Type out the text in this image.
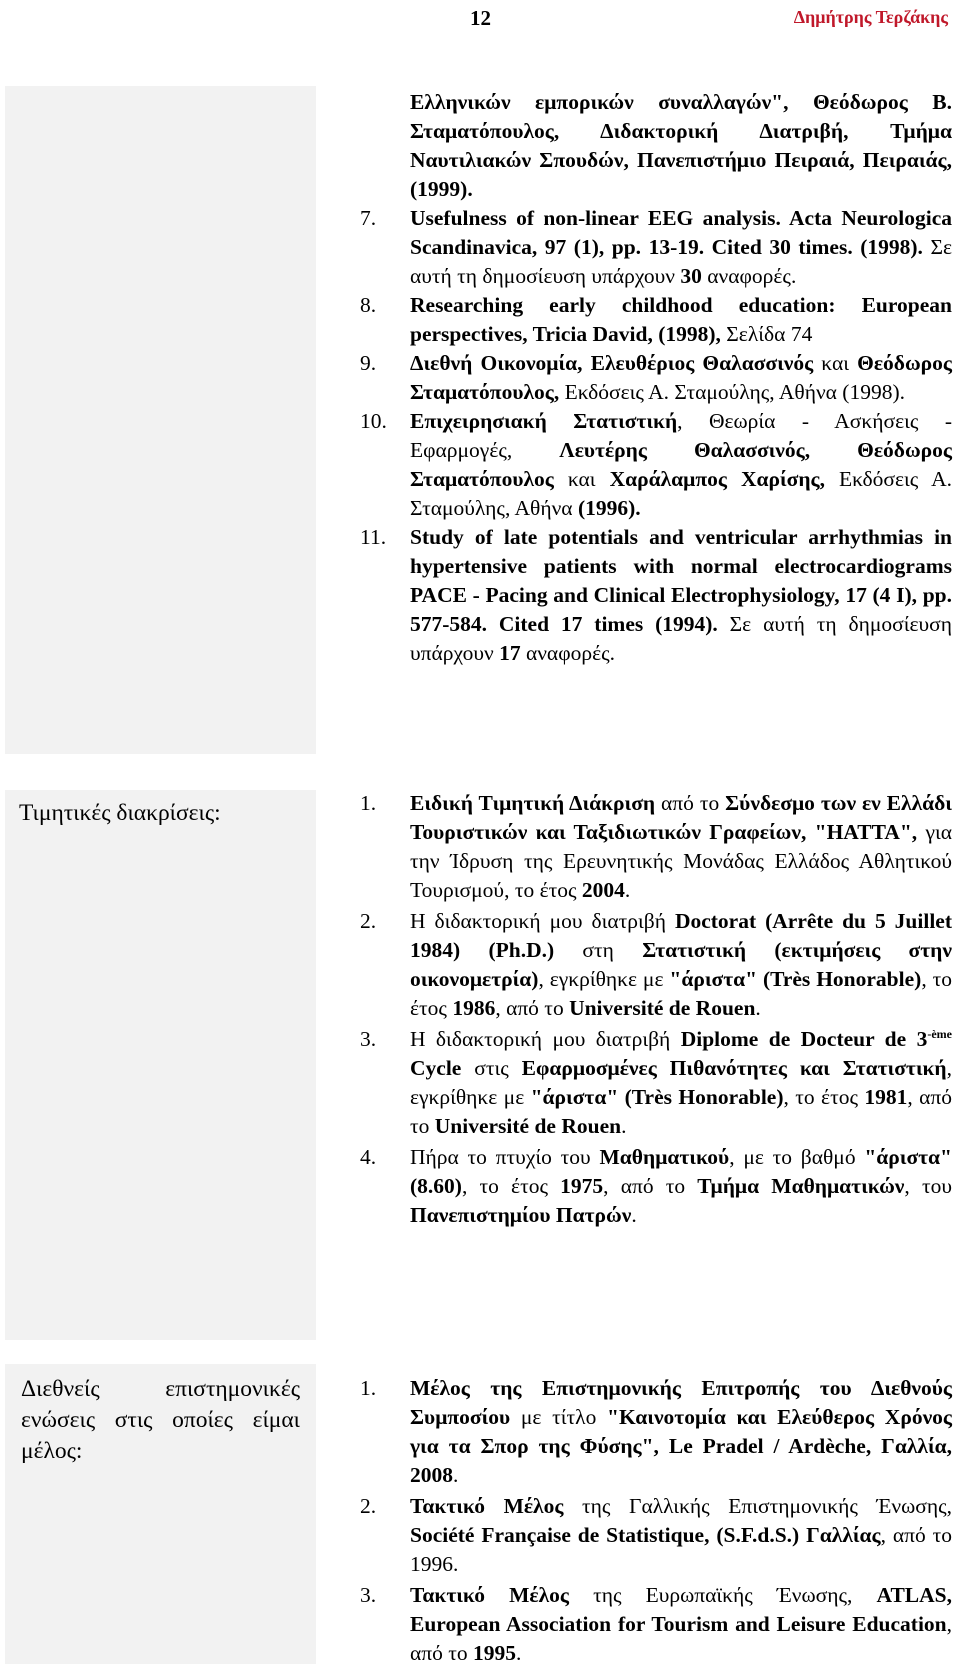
12	Δημήτρης Τερζάκης
Τιμητικές διακρίσεις:
Διεθνείς επιστημονικές ενώσεις στις οποίες είμαι μέλος:
Ελληνικών εμπορικών συναλλαγών", Θεόδωρος Β. Σταματόπουλος, Διδακτορική Διατριβή, Τμήμα Ναυτιλιακών Σπουδών, Πανεπιστήμιο Πειραιά, Πειραιάς, (1999).
7.	Usefulness of non-linear EEG analysis. Acta Neurologica Scandinavica, 97 (1), pp. 13-19. Cited 30 times. (1998). Σε αυτή τη δημοσίευση υπάρχουν 30 αναφορές.
8.	Researching early childhood education: European perspectives, Tricia David, (1998), Σελίδα 74
9.	Διεθνή Οικονομία, Ελευθέριος Θαλασσινός και Θεόδωρος Σταματόπουλος, Εκδόσεις Α. Σταμούλης, Αθήνα (1998).
10.	Επιχειρησιακή Στατιστική, Θεωρία - Ασκήσεις - Εφαρμογές, Λευτέρης Θαλασσινός, Θεόδωρος Σταματόπουλος και Χαράλαμπος Χαρίσης, Εκδόσεις Α. Σταμούλης, Αθήνα (1996).
11.	Study of late potentials and ventricular arrhythmias in hypertensive patients with normal electrocardiograms PACE - Pacing and Clinical Electrophysiology, 17 (4 I), pp. 577-584. Cited 17 times (1994). Σε αυτή τη δημοσίευση υπάρχουν 17 αναφορές.
1.	Ειδική Τιμητική Διάκριση από το Σύνδεσμο των εν Ελλάδι Τουριστικών και Ταξιδιωτικών Γραφείων, "HATTA", για την Ίδρυση της Ερευνητικής Μονάδας Ελλάδος Αθλητικού Τουρισμού, το έτος 2004.
2.	Η διδακτορική μου διατριβή Doctorat (Arrête du 5 Juillet 1984) (Ph.D.) στη Στατιστική (εκτιμήσεις στην οικονομετρία), εγκρίθηκε με "άριστα" (Très Honorable), το έτος 1986, από το Université de Rouen.
3.	Η διδακτορική μου διατριβή Diplome de Docteur de $3^{-ème}$ Cycle στις Εφαρμοσμένες Πιθανότητες και Στατιστική, εγκρίθηκε με "άριστα" (Très Honorable), το έτος 1981, από το Université de Rouen.
4.	Πήρα το πτυχίο του Μαθηματικού, με το βαθμό "άριστα"(8.60), το έτος 1975, από το Τμήμα Μαθηματικών, του Πανεπιστημίου Πατρών.
1.	Μέλος της Επιστημονικής Επιτροπής του Διεθνούς Συμποσίου με τίτλο "Καινοτομία και Ελεύθερος Χρόνος για τα Σπορ της Φύσης", Le Pradel / Ardèche, Γαλλία, 2008.
2.	Τακτικό Μέλος της Γαλλικής Επιστημονικής Ένωσης, Société Française de Statistique, (S.F.d.S.) Γαλλίας, από το 1996.
3.	Τακτικό Μέλος της Ευρωπαϊκής Ένωσης, ATLAS, European Association for Tourism and Leisure Education, από το 1995.
